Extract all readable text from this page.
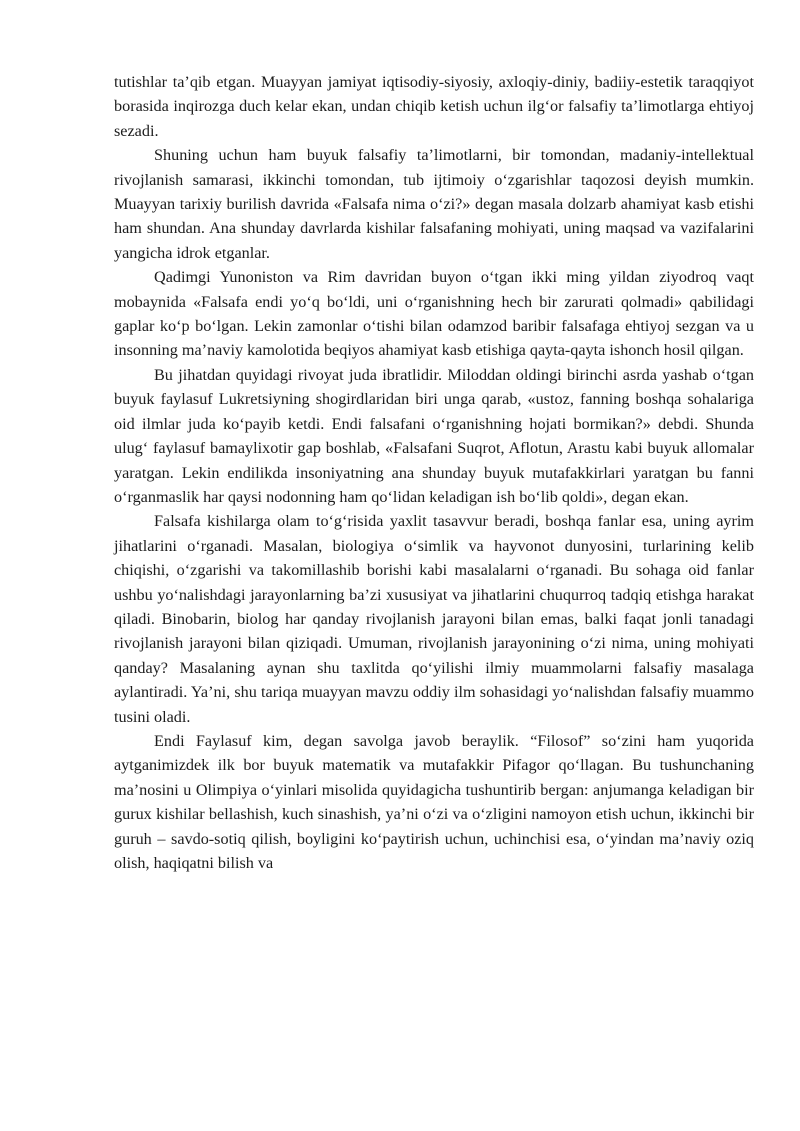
tutishlar ta’qib etgan. Muayyan jamiyat iqtisodiy-siyosiy, axloqiy-diniy, badiiy-estetik taraqqiyot borasida inqirozga duch kelar ekan, undan chiqib ketish uchun ilg‘or falsafiy ta’limotlarga ehtiyoj sezadi.

Shuning uchun ham buyuk falsafiy ta’limotlarni, bir tomondan, madaniy-intellektual rivojlanish samarasi, ikkinchi tomondan, tub ijtimoiy o‘zgarishlar taqozosi deyish mumkin. Muayyan tarixiy burilish davrida «Falsafa nima o‘zi?» degan masala dolzarb ahamiyat kasb etishi ham shundan. Ana shunday davrlarda kishilar falsafaning mohiyati, uning maqsad va vazifalarini yangicha idrok etganlar.

Qadimgi Yunoniston va Rim davridan buyon o‘tgan ikki ming yildan ziyodroq vaqt mobaynida «Falsafa endi yo‘q bo‘ldi, uni o‘rganishning hech bir zarurati qolmadi» qabilidagi gaplar ko‘p bo‘lgan. Lekin zamonlar o‘tishi bilan odamzod baribir falsafaga ehtiyoj sezgan va u insonning ma’naviy kamolotida beqiyos ahamiyat kasb etishiga qayta-qayta ishonch hosil qilgan.

Bu jihatdan quyidagi rivoyat juda ibratlidir. Miloddan oldingi birinchi asrda yashab o‘tgan buyuk faylasuf Lukretsiyning shogirdlaridan biri unga qarab, «ustoz, fanning boshqa sohalariga oid ilmlar juda ko‘payib ketdi. Endi falsafani o‘rganishning hojati bormikan?» debdi. Shunda ulug‘ faylasuf bamaylixotir gap boshlab, «Falsafani Suqrot, Aflotun, Arastu kabi buyuk allomalar yaratgan. Lekin endilikda insoniyatning ana shunday buyuk mutafakkirlari yaratgan bu fanni o‘rganmaslik har qaysi nodonning ham qo‘lidan keladigan ish bo‘lib qoldi», degan ekan.

Falsafa kishilarga olam to‘g‘risida yaxlit tasavvur beradi, boshqa fanlar esa, uning ayrim jihatlarini o‘rganadi. Masalan, biologiya o‘simlik va hayvonot dunyosini, turlarining kelib chiqishi, o‘zgarishi va takomillashib borishi kabi masalalarni o‘rganadi. Bu sohaga oid fanlar ushbu yo‘nalishdagi jarayonlarning ba’zi xususiyat va jihatlarini chuqurroq tadqiq etishga harakat qiladi. Binobarin, biolog har qanday rivojlanish jarayoni bilan emas, balki faqat jonli tanadagi rivojlanish jarayoni bilan qiziqadi. Umuman, rivojlanish jarayonining o‘zi nima, uning mohiyati qanday? Masalaning aynan shu taxlitda qo‘yilishi ilmiy muammolarni falsafiy masalaga aylantiradi. Ya’ni, shu tariqa muayyan mavzu oddiy ilm sohasidagi yo‘nalishdan falsafiy muammo tusini oladi.

Endi Faylasuf kim, degan savolga javob beraylik. “Filosof” so‘zini ham yuqorida aytganimizdek ilk bor buyuk matematik va mutafakkir Pifagor qo‘llagan. Bu tushunchaning ma’nosini u Olimpiya o‘yinlari misolida quyidagicha tushuntirib bergan: anjumanga keladigan bir gurux kishilar bellashish, kuch sinashish, ya’ni o‘zi va o‘zligini namoyon etish uchun, ikkinchi bir guruh – savdo-sotiq qilish, boyligini ko‘paytirish uchun, uchinchisi esa, o‘yindan ma’naviy oziq olish, haqiqatni bilish va
